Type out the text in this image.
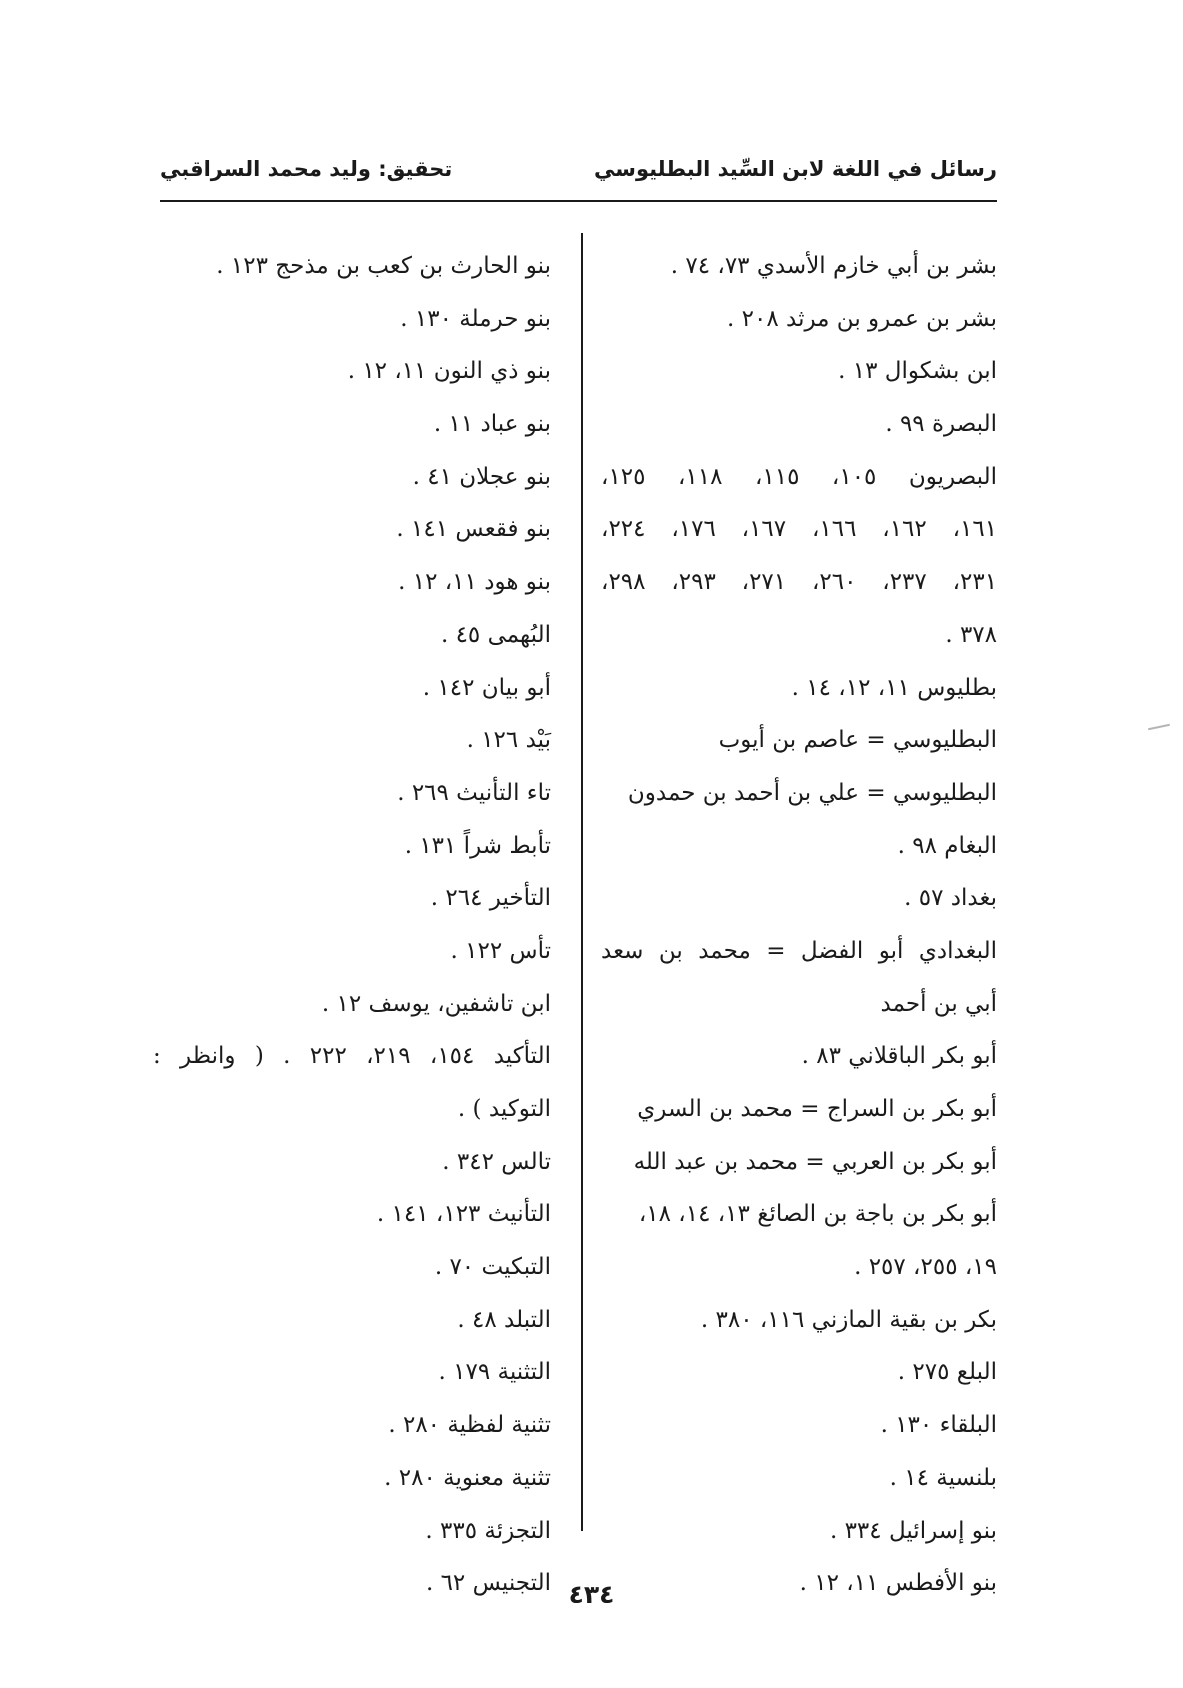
رسائل في اللغة لابن السِّيد البطليوسي
تحقيق: وليد محمد السراقبي
بشر بن أبي خازم الأسدي ٧٣، ٧٤ .
بشر بن عمرو بن مرثد ٢٠٨ .
ابن بشكوال ١٣ .
البصرة ٩٩ .
البصريون ١٠٥، ١١٥، ١١٨، ١٢٥،
١٦١، ١٦٢، ١٦٦، ١٦٧، ١٧٦، ٢٢٤،
٢٣١، ٢٣٧، ٢٦٠، ٢٧١، ٢٩٣، ٢٩٨،
٣٧٨ .
بطليوس ١١، ١٢، ١٤ .
البطليوسي = عاصم بن أيوب
البطليوسي = علي بن أحمد بن حمدون
البغام ٩٨ .
بغداد ٥٧ .
البغدادي أبو الفضل = محمد بن سعد
أبي بن أحمد
أبو بكر الباقلاني ٨٣ .
أبو بكر بن السراج = محمد بن السري
أبو بكر بن العربي = محمد بن عبد الله
أبو بكر بن باجة بن الصائغ ١٣، ١٤، ١٨،
١٩، ٢٥٥، ٢٥٧ .
بكر بن بقية المازني ١١٦، ٣٨٠ .
البلع ٢٧٥ .
البلقاء ١٣٠ .
بلنسية ١٤ .
بنو إسرائيل ٣٣٤ .
بنو الأفطس ١١، ١٢ .
بنو الحارث بن كعب بن مذحج ١٢٣ .
بنو حرملة ١٣٠ .
بنو ذي النون ١١، ١٢ .
بنو عباد ١١ .
بنو عجلان ٤١ .
بنو فقعس ١٤١ .
بنو هود ١١، ١٢ .
البُهمى ٤٥ .
أبو بيان ١٤٢ .
بَيْد ١٢٦ .
تاء التأنيث ٢٦٩ .
تأبط شراً ١٣١ .
التأخير ٢٦٤ .
تأس ١٢٢ .
ابن تاشفين، يوسف ١٢ .
التأكيد ١٥٤، ٢١٩، ٢٢٢ . ( وانظر :
التوكيد ) .
تالس ٣٤٢ .
التأنيث ١٢٣، ١٤١ .
التبكيت ٧٠ .
التبلد ٤٨ .
التثنية ١٧٩ .
تثنية لفظية ٢٨٠ .
تثنية معنوية ٢٨٠ .
التجزئة ٣٣٥ .
التجنيس ٦٢ . ٤٣٤
